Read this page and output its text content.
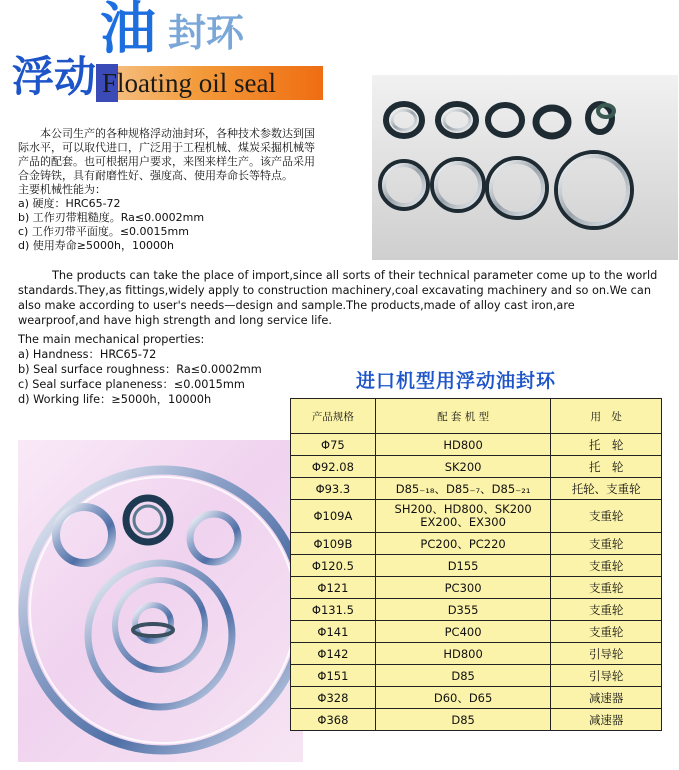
油 封环
浮动 Floating oil seal

本公司生产的各种规格浮动油封环，各种技术参数达到国际水平，可以取代进口，广泛用于工程机械、煤炭采掘机械等产品的配套。也可根据用户要求，来图来样生产。该产品采用合金铸铁，具有耐磨性好、强度高、使用寿命长等特点。

主要机械性能为：

a) 硬度：HRC65-72

b) 工作刃带粗糙度。Ra≤0.0002mm

c) 工作刃带平面度。≤0.0015mm

d) 使用寿命≥5000h，10000h

The products can take the place of import,since all sorts of their technical parameter come up to the world standards.They,as fittings,widely apply to construction machinery,coal excavating machinery and so on.We can also make according to user's needs—design and sample.The products,made of alloy cast iron,are wearproof,and have high strength and long service life.

The main mechanical properties:

a) Handness：HRC65-72

b) Seal surface roughness：Ra≤0.0002mm

c) Seal surface planeness：≤0.0015mm

d) Working life：≥5000h，10000h

进口机型用浮动油封环
产品规格	配 套 机 型	用　处
Φ75	HD800	托　轮
Φ92.08	SK200	托　轮
Φ93.3	D85₋₁₈、D85₋₇、D85₋₂₁	托轮、支重轮
Φ109A	SH200、HD800、SK200 EX200、EX300	支重轮
Φ109B	PC200、PC220	支重轮
Φ120.5	D155	支重轮
Φ121	PC300	支重轮
Φ131.5	D355	支重轮
Φ141	PC400	支重轮
Φ142	HD800	引导轮
Φ151	D85	引导轮
Φ328	D60、D65	减速器
Φ368	D85	减速器
